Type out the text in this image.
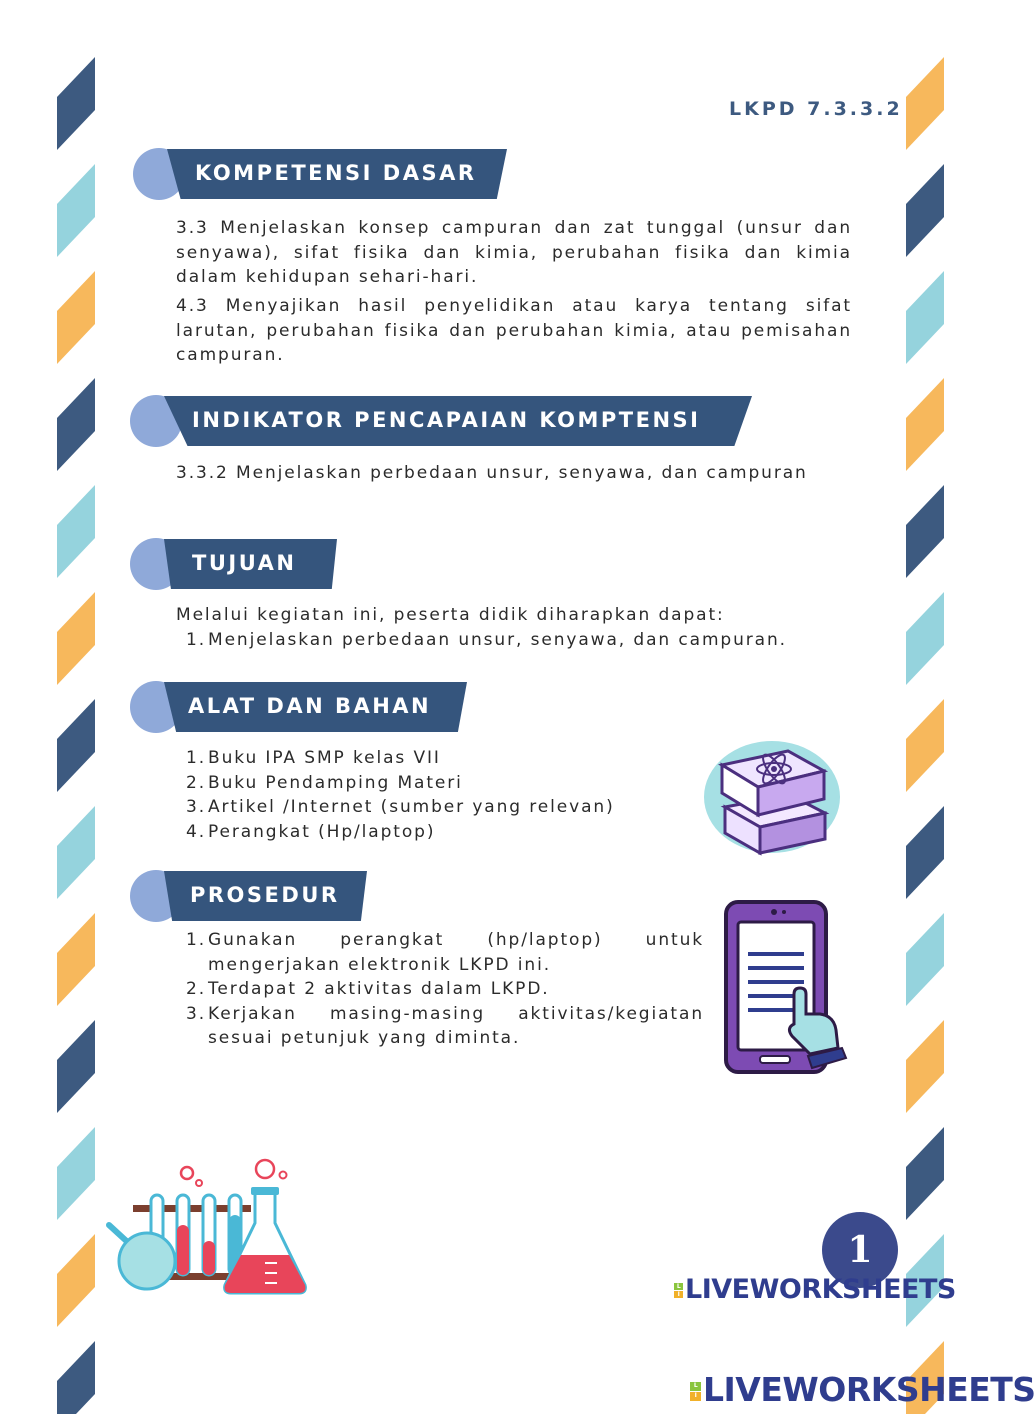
LKPD 7.3.3.2
KOMPETENSI DASAR

3.3 Menjelaskan konsep campuran dan zat tunggal (unsur dan senyawa), sifat fisika dan kimia, perubahan fisika dan kimia dalam kehidupan sehari-hari.

4.3 Menyajikan hasil penyelidikan atau karya tentang sifat larutan, perubahan fisika dan perubahan kimia, atau pemisahan campuran.

INDIKATOR PENCAPAIAN KOMPTENSI

3.3.2 Menjelaskan perbedaan unsur, senyawa, dan campuran

TUJUAN

Melalui kegiatan ini, peserta didik diharapkan dapat:

1. Menjelaskan perbedaan unsur, senyawa, dan campuran.
ALAT DAN BAHAN
1. Buku IPA SMP kelas VII
2. Buku Pendamping Materi
3. Artikel /Internet (sumber yang relevan)
4. Perangkat (Hp/laptop)
PROSEDUR
1. Gunakan perangkat (hp/laptop) untuk mengerjakan elektronik LKPD ini.
2. Terdapat 2 aktivitas dalam LKPD.
3. Kerjakan masing-masing aktivitas/kegiatan sesuai petunjuk yang diminta.
1
L
I LIVEWORKSHEETS
L
I LIVEWORKSHEETS
